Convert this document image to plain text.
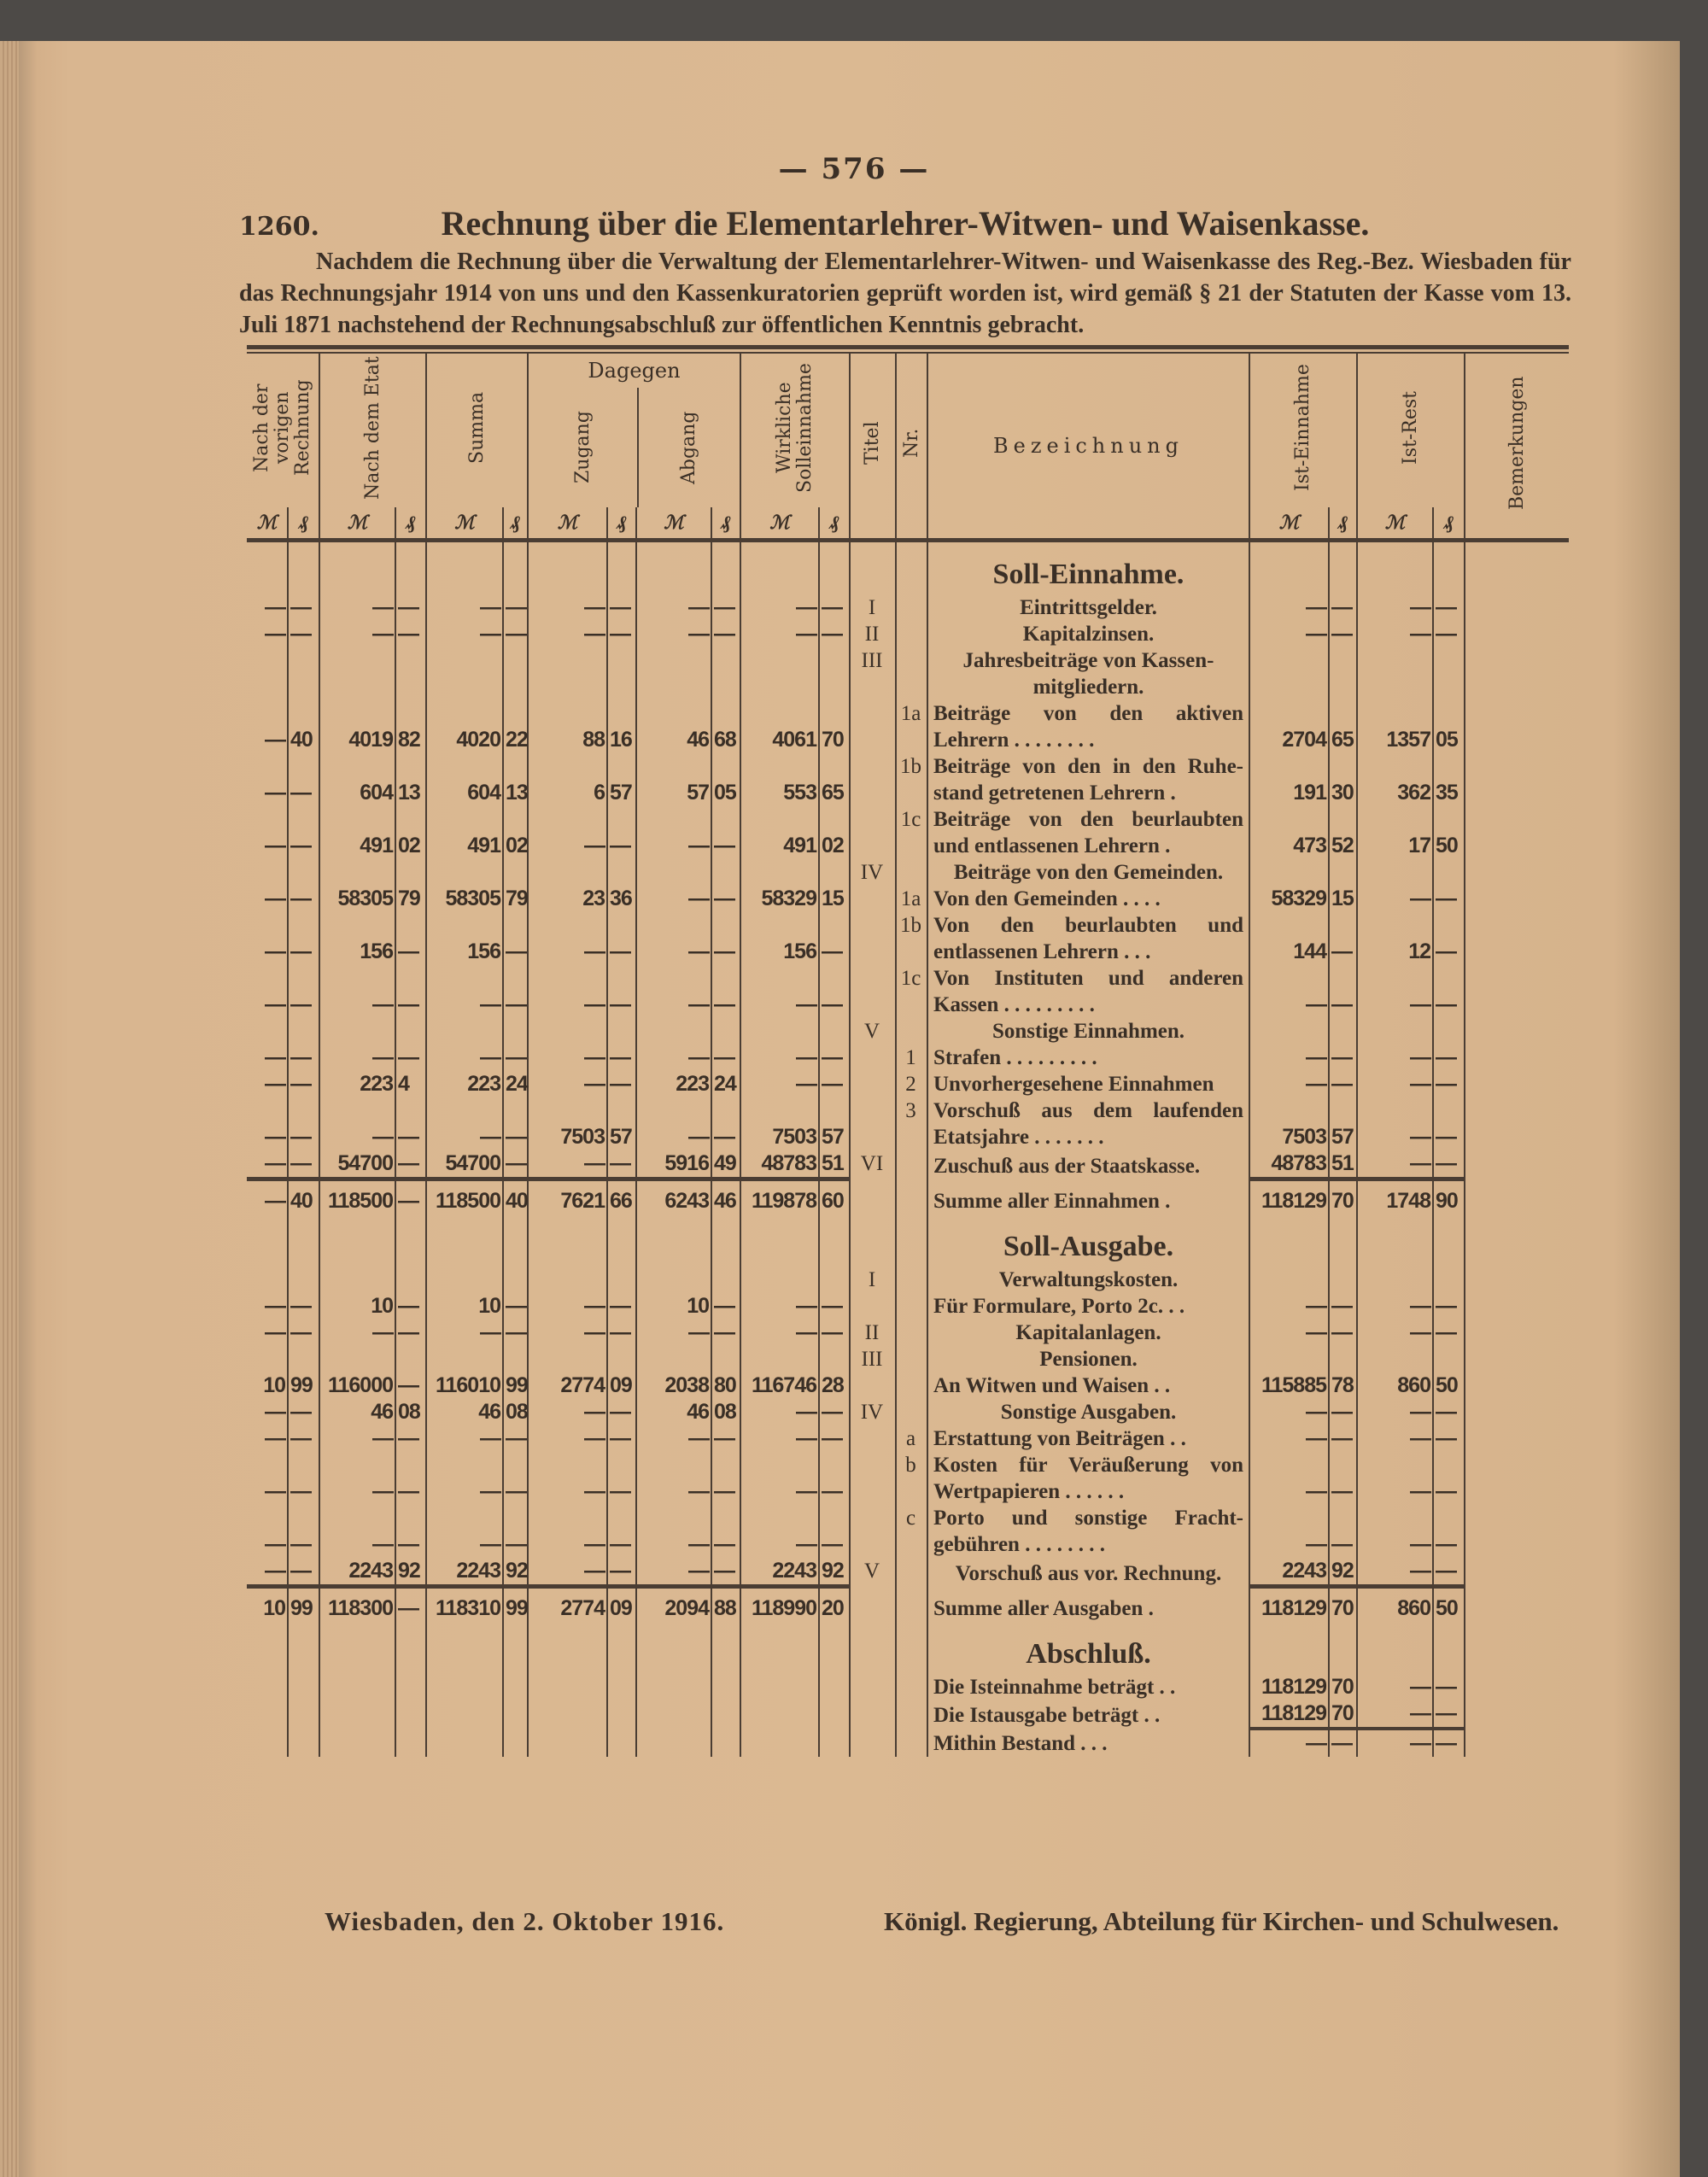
— 576 —
1260.	Rechnung über die Elementarlehrer-Witwen- und Waisenkasse.
Nachdem die Rechnung über die Verwaltung der Elementarlehrer-Witwen- und Waisenkasse des Reg.-Bez. Wiesbaden für das Rechnungsjahr 1914 von uns und den Kassenkuratorien geprüft worden ist, wird gemäß § 21 der Statuten der Kasse vom 13. Juli 1871 nachstehend der Rechnungsabschluß zur öffentlichen Kenntnis gebracht.
Nach der vorigen Rechnung		Nach dem Etat		Summa		Dagegen
Zugang Abgang				Wirkliche Solleinnahme		Titel	Nr.	Bezeichnung	Ist-Einnahme		Ist-Rest		Bemerkungen
ℳ	₰	ℳ	₰	ℳ	₰	ℳ	₰	ℳ	₰	ℳ	₰				ℳ	₰	ℳ	₰	

														Soll-Einnahme.					

—	—	—	—	—	—	—	—	—	—	—	—	I		Eintrittsgelder.	—	—	—	—	
—	—	—	—	—	—	—	—	—	—	—	—	II		Kapitalzinsen.	—	—	—	—	
												III		Jahresbeiträge von Kassen-
mitgliedern.					

—	40	4019	82	4020	22	88	16	46	68	4061	70		1a	Beiträge von den aktiven
Lehrern . . . . . . . .	2704	65	1357	05	
—	—	604	13	604	13	6	57	57	05	553	65		1b	Beiträge von den in den Ruhe-
stand getretenen Lehrern .	191	30	362	35	
—	—	491	02	491	02	—	—	—	—	491	02		1c	Beiträge von den beurlaubten
und entlassenen Lehrern .	473	52	17	50	
												IV		Beiträge von den Gemeinden.					

—	—	58305	79	58305	79	23	36	—	—	58329	15		1a	Von den Gemeinden . . . .	58329	15	—	—	
—	—	156	—	156	—	—	—	—	—	156	—		1b	Von den beurlaubten und
entlassenen Lehrern . . .	144	—	12	—	
—	—	—	—	—	—	—	—	—	—	—	—		1c	Von Instituten und anderen
Kassen . . . . . . . . .	—	—	—	—	
												V		Sonstige Einnahmen.					

—	—	—	—	—	—	—	—	—	—	—	—		1	Strafen . . . . . . . . .	—	—	—	—	
—	—	223	4	223	24	—	—	223	24	—	—		2	Unvorhergesehene Einnahmen	—	—	—	—	
—	—	—	—	—	—	7503	57	—	—	7503	57		3	Vorschuß aus dem laufenden
Etatsjahre . . . . . . .	7503	57	—	—	
—	—	54700	—	54700	—	—	—	5916	49	48783	51	VI		Zuschuß aus der Staatskasse.	48783	51	—	—	
—	40	118500	—	118500	40	7621	66	6243	46	119878	60			Summe aller Einnahmen .	118129	70	1748	90	

														Soll-Ausgabe.					

												I		Verwaltungskosten.					

—	—	10	—	10	—	—	—	10	—	—	—			Für Formulare, Porto 2c. . .	—	—	—	—	
—	—	—	—	—	—	—	—	—	—	—	—	II		Kapitalanlagen.	—	—	—	—	
												III		Pensionen.					

10	99	116000	—	116010	99	2774	09	2038	80	116746	28			An Witwen und Waisen . .	115885	78	860	50	
—	—	46	08	46	08	—	—	46	08	—	—	IV		Sonstige Ausgaben.	—	—	—	—	
—	—	—	—	—	—	—	—	—	—	—	—		a	Erstattung von Beiträgen . .	—	—	—	—	
—	—	—	—	—	—	—	—	—	—	—	—		b	Kosten für Veräußerung von
Wertpapieren . . . . . .	—	—	—	—	
—	—	—	—	—	—	—	—	—	—	—	—		c	Porto und sonstige Fracht-
gebühren . . . . . . . .	—	—	—	—	
—	—	2243	92	2243	92	—	—	—	—	2243	92	V		Vorschuß aus vor. Rechnung.	2243	92	—	—	
10	99	118300	—	118310	99	2774	09	2094	88	118990	20			Summe aller Ausgaben .	118129	70	860	50	

														Abschluß.					

														Die Isteinnahme beträgt . .	118129	70	—	—	

														Die Istausgabe beträgt . .	118129	70	—	—	

														Mithin Bestand . . .	—	—	—	—	
Wiesbaden, den 2. Oktober 1916.	Königl. Regierung, Abteilung für Kirchen- und Schulwesen.
